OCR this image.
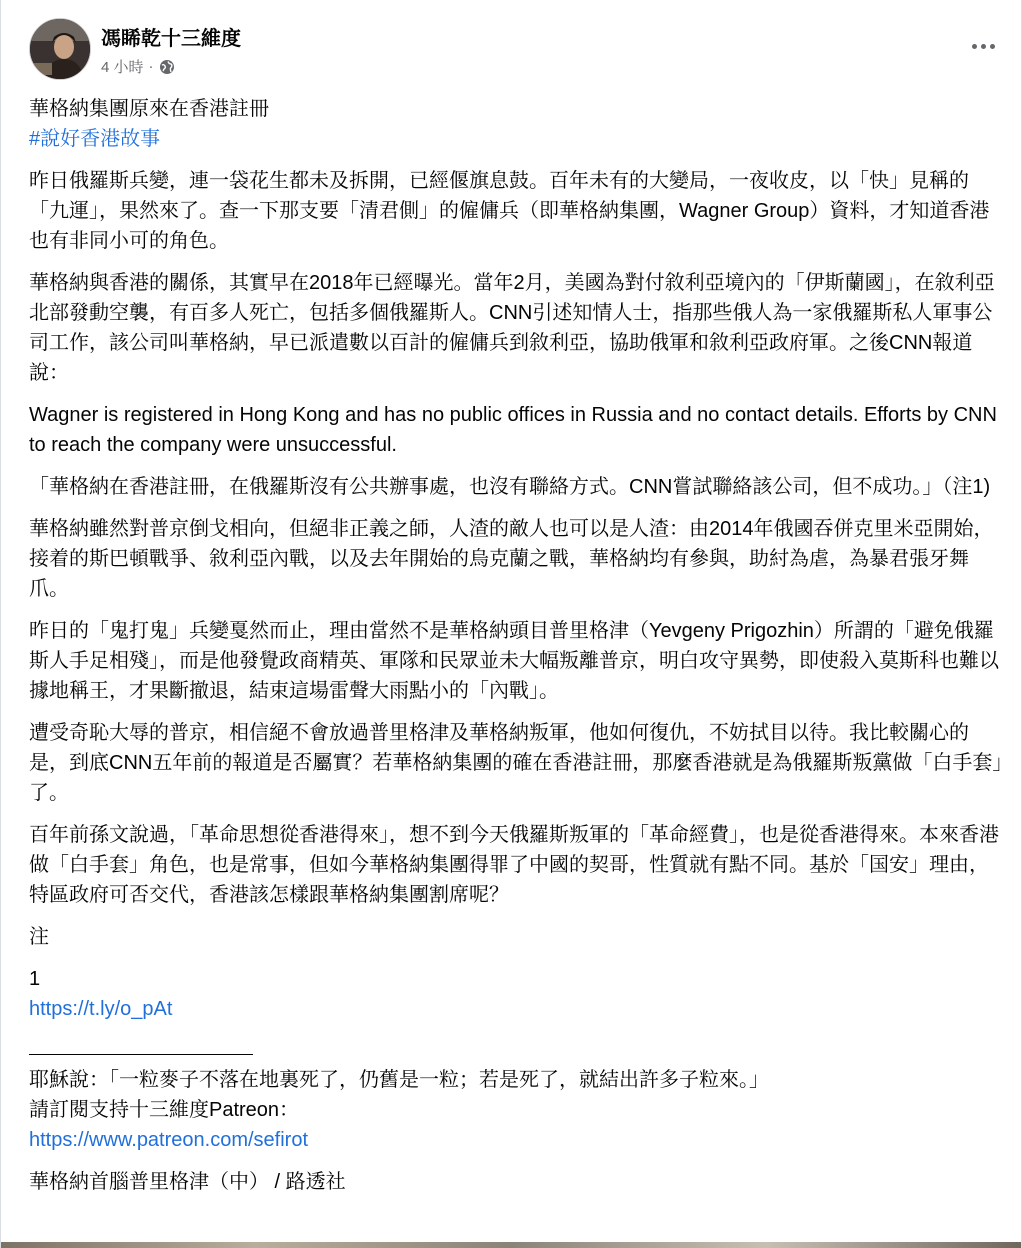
馮睎乾十三維度
4 小時 ·

華格納集團原來在香港註冊

#說好香港故事

昨日俄羅斯兵變，連一袋花生都未及拆開，已經偃旗息鼓。百年未有的大變局，一夜收皮，以「快」見稱的「九運」，果然來了。查一下那支要「清君側」的僱傭兵（即華格納集團，Wagner Group）資料，才知道香港也有非同小可的角色。

華格納與香港的關係，其實早在2018年已經曝光。當年2月，美國為對付敘利亞境內的「伊斯蘭國」，在敘利亞北部發動空襲，有百多人死亡，包括多個俄羅斯人。CNN引述知情人士，指那些俄人為一家俄羅斯私人軍事公司工作，該公司叫華格納，早已派遣數以百計的僱傭兵到敘利亞，協助俄軍和敘利亞政府軍。之後CNN報道說：

Wagner is registered in Hong Kong and has no public offices in Russia and no contact details. Efforts by CNN to reach the company were unsuccessful.

「華格納在香港註冊，在俄羅斯沒有公共辦事處，也沒有聯絡方式。CNN嘗試聯絡該公司，但不成功。」（注1)

華格納雖然對普京倒戈相向，但絕非正義之師，人渣的敵人也可以是人渣：由2014年俄國吞併克里米亞開始，接着的斯巴頓戰爭、敘利亞內戰，以及去年開始的烏克蘭之戰，華格納均有參與，助紂為虐，為暴君張牙舞爪。

昨日的「鬼打鬼」兵變戛然而止，理由當然不是華格納頭目普里格津（Yevgeny Prigozhin）所謂的「避免俄羅斯人手足相殘」，而是他發覺政商精英、軍隊和民眾並未大幅叛離普京，明白攻守異勢，即使殺入莫斯科也難以據地稱王，才果斷撤退，結束這場雷聲大雨點小的「內戰」。

遭受奇恥大辱的普京，相信絕不會放過普里格津及華格納叛軍，他如何復仇，不妨拭目以待。我比較關心的是，到底CNN五年前的報道是否屬實？若華格納集團的確在香港註冊，那麼香港就是為俄羅斯叛黨做「白手套」了。

百年前孫文說過，「革命思想從香港得來」，想不到今天俄羅斯叛軍的「革命經費」，也是從香港得來。本來香港做「白手套」角色，也是常事，但如今華格納集團得罪了中國的契哥，性質就有點不同。基於「国安」理由，特區政府可否交代，香港該怎樣跟華格納集團割席呢？

注

1

https://t.ly/o_pAt

耶穌說：「一粒麥子不落在地裏死了，仍舊是一粒；若是死了，就結出許多子粒來。」

請訂閱支持十三維度Patreon：

https://www.patreon.com/sefirot

華格納首腦普里格津（中） / 路透社
